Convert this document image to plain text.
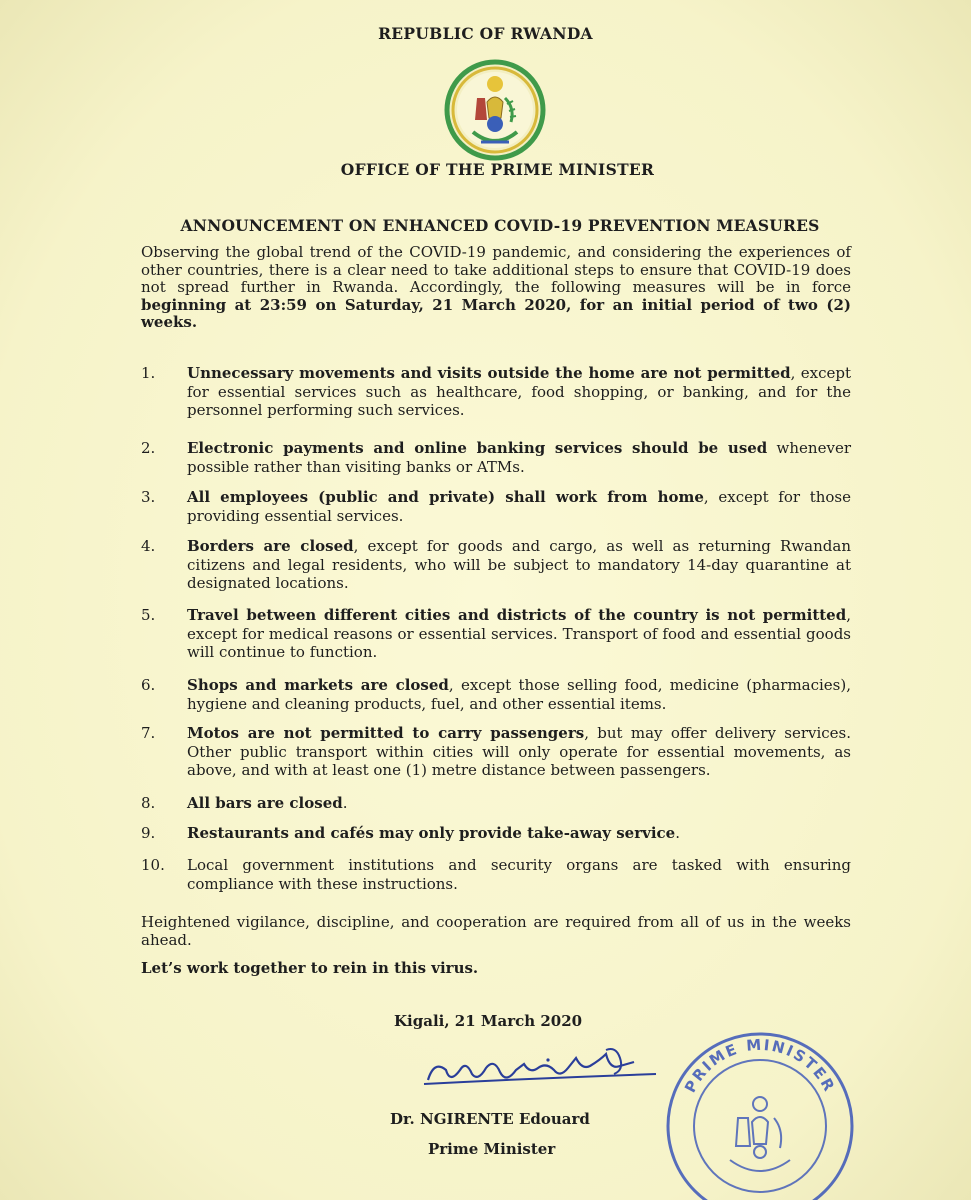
REPUBLIC OF RWANDA
OFFICE OF THE PRIME MINISTER
ANNOUNCEMENT ON ENHANCED COVID-19 PREVENTION MEASURES
Observing the global trend of the COVID-19 pandemic, and considering the experiences of other countries, there is a clear need to take additional steps to ensure that COVID-19 does not spread further in Rwanda. Accordingly, the following measures will be in force beginning at 23:59 on Saturday, 21 March 2020, for an initial period of two (2) weeks.
1.	Unnecessary movements and visits outside the home are not permitted, except for essential services such as healthcare, food shopping, or banking, and for the personnel performing such services.
2.	Electronic payments and online banking services should be used whenever possible rather than visiting banks or ATMs.
3.	All employees (public and private) shall work from home, except for those providing essential services.
4.	Borders are closed, except for goods and cargo, as well as returning Rwandan citizens and legal residents, who will be subject to mandatory 14-day quarantine at designated locations.
5.	Travel between different cities and districts of the country is not permitted, except for medical reasons or essential services. Transport of food and essential goods will continue to function.
6.	Shops and markets are closed, except those selling food, medicine (pharmacies), hygiene and cleaning products, fuel, and other essential items.
7.	Motos are not permitted to carry passengers, but may offer delivery services. Other public transport within cities will only operate for essential movements, as above, and with at least one (1) metre distance between passengers.
8.	All bars are closed.
9.	Restaurants and cafés may only provide take-away service.
10.	Local government institutions and security organs are tasked with ensuring compliance with these instructions.
Heightened vigilance, discipline, and cooperation are required from all of us in the weeks ahead.
Let’s work together to rein in this virus.
Kigali, 21 March 2020
Dr. NGIRENTE Edouard
Prime Minister
PRIME MINISTER
